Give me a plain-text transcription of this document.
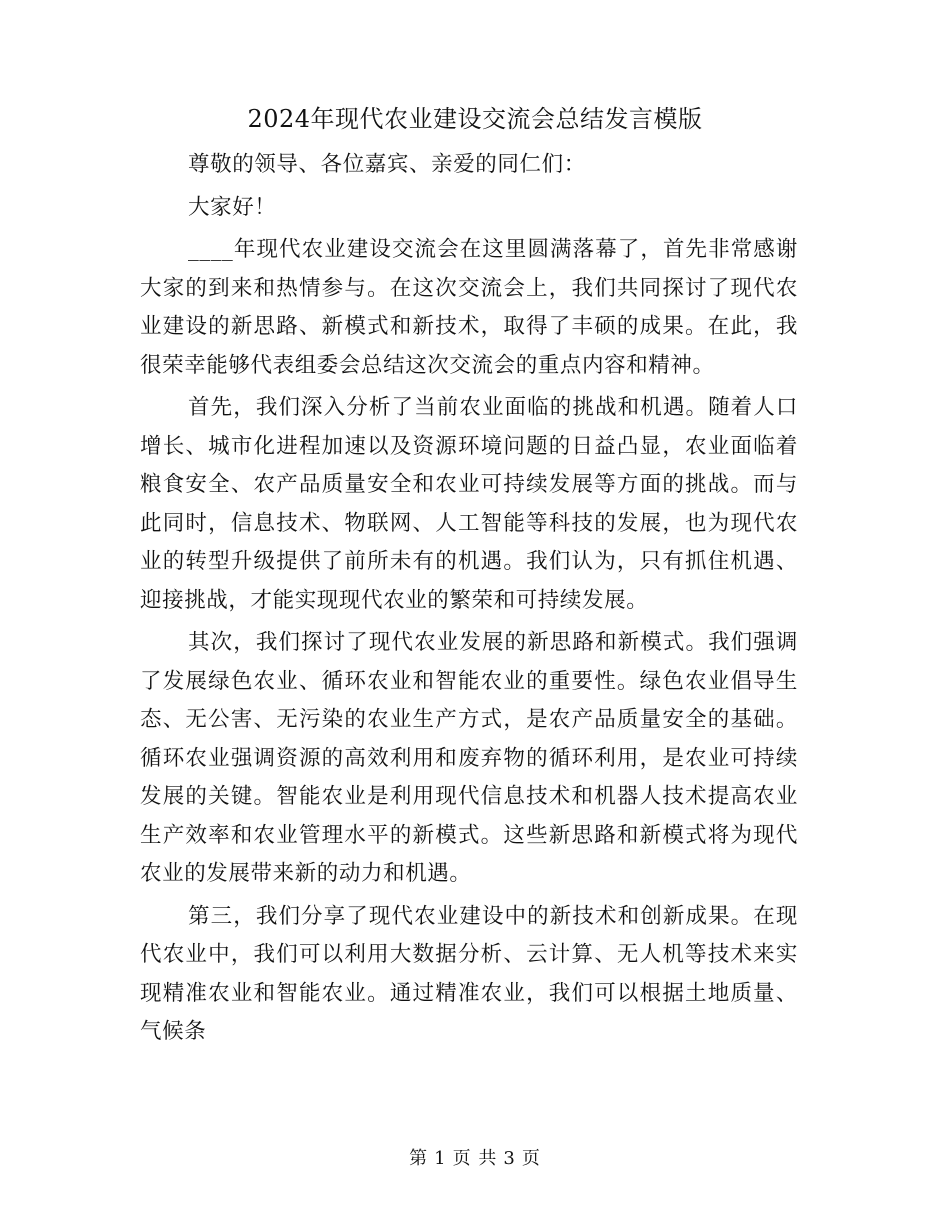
2024年现代农业建设交流会总结发言模版

尊敬的领导、各位嘉宾、亲爱的同仁们：

大家好！

____年现代农业建设交流会在这里圆满落幕了，首先非常感谢大家的到来和热情参与。在这次交流会上，我们共同探讨了现代农业建设的新思路、新模式和新技术，取得了丰硕的成果。在此，我很荣幸能够代表组委会总结这次交流会的重点内容和精神。

首先，我们深入分析了当前农业面临的挑战和机遇。随着人口增长、城市化进程加速以及资源环境问题的日益凸显，农业面临着粮食安全、农产品质量安全和农业可持续发展等方面的挑战。而与此同时，信息技术、物联网、人工智能等科技的发展，也为现代农业的转型升级提供了前所未有的机遇。我们认为，只有抓住机遇、迎接挑战，才能实现现代农业的繁荣和可持续发展。

其次，我们探讨了现代农业发展的新思路和新模式。我们强调了发展绿色农业、循环农业和智能农业的重要性。绿色农业倡导生态、无公害、无污染的农业生产方式，是农产品质量安全的基础。循环农业强调资源的高效利用和废弃物的循环利用，是农业可持续发展的关键。智能农业是利用现代信息技术和机器人技术提高农业生产效率和农业管理水平的新模式。这些新思路和新模式将为现代农业的发展带来新的动力和机遇。

第三，我们分享了现代农业建设中的新技术和创新成果。在现代农业中，我们可以利用大数据分析、云计算、无人机等技术来实现精准农业和智能农业。通过精准农业，我们可以根据土地质量、气候条

第 1 页 共 3 页
